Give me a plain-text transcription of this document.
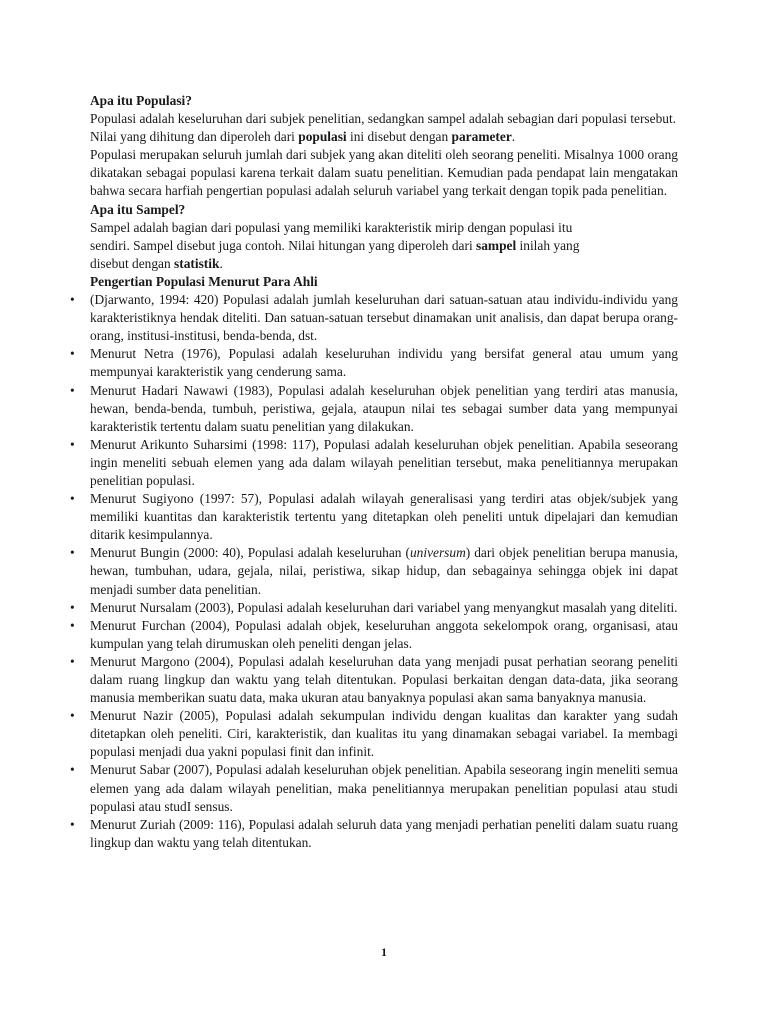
Apa itu Populasi?

Populasi adalah keseluruhan dari subjek penelitian, sedangkan sampel adalah sebagian dari populasi tersebut.

Nilai yang dihitung dan diperoleh dari populasi ini disebut dengan parameter.

Populasi merupakan seluruh jumlah dari subjek yang akan diteliti oleh seorang peneliti. Misalnya 1000 orang dikatakan sebagai populasi karena terkait dalam suatu penelitian. Kemudian pada pendapat lain mengatakan bahwa secara harfiah pengertian populasi adalah seluruh variabel yang terkait dengan topik pada penelitian.

Apa itu Sampel?

Sampel adalah bagian dari populasi yang memiliki karakteristik mirip dengan populasi itu
sendiri. Sampel disebut juga contoh. Nilai hitungan yang diperoleh dari sampel inilah yang
disebut dengan statistik.

Pengertian Populasi Menurut Para Ahli

•	(Djarwanto, 1994: 420) Populasi adalah jumlah keseluruhan dari satuan-satuan atau individu-individu yang karakteristiknya hendak diteliti. Dan satuan-satuan tersebut dinamakan unit analisis, dan dapat berupa orang-orang, institusi-institusi, benda-benda, dst.
•	Menurut Netra (1976), Populasi adalah keseluruhan individu yang bersifat general atau umum yang mempunyai karakteristik yang cenderung sama.
•	Menurut Hadari Nawawi (1983), Populasi adalah keseluruhan objek penelitian yang terdiri atas manusia, hewan, benda-benda, tumbuh, peristiwa, gejala, ataupun nilai tes sebagai sumber data yang mempunyai karakteristik tertentu dalam suatu penelitian yang dilakukan.
•	Menurut Arikunto Suharsimi (1998: 117), Populasi adalah keseluruhan objek penelitian. Apabila seseorang ingin meneliti sebuah elemen yang ada dalam wilayah penelitian tersebut, maka penelitiannya merupakan penelitian populasi.
•	Menurut Sugiyono (1997: 57), Populasi adalah wilayah generalisasi yang terdiri atas objek/subjek yang memiliki kuantitas dan karakteristik tertentu yang ditetapkan oleh peneliti untuk dipelajari dan kemudian ditarik kesimpulannya.
•	Menurut Bungin (2000: 40), Populasi adalah keseluruhan (universum) dari objek penelitian berupa manusia, hewan, tumbuhan, udara, gejala, nilai, peristiwa, sikap hidup, dan sebagainya sehingga objek ini dapat menjadi sumber data penelitian.
•	Menurut Nursalam (2003), Populasi adalah keseluruhan dari variabel yang menyangkut masalah yang diteliti.
•	Menurut Furchan (2004), Populasi adalah objek, keseluruhan anggota sekelompok orang, organisasi, atau kumpulan yang telah dirumuskan oleh peneliti dengan jelas.
•	Menurut Margono (2004), Populasi adalah keseluruhan data yang menjadi pusat perhatian seorang peneliti dalam ruang lingkup dan waktu yang telah ditentukan. Populasi berkaitan dengan data-data, jika seorang manusia memberikan suatu data, maka ukuran atau banyaknya populasi akan sama banyaknya manusia.
•	Menurut Nazir (2005), Populasi adalah sekumpulan individu dengan kualitas dan karakter yang sudah ditetapkan oleh peneliti. Ciri, karakteristik, dan kualitas itu yang dinamakan sebagai variabel. Ia membagi populasi menjadi dua yakni populasi finit dan infinit.
•	Menurut Sabar (2007), Populasi adalah keseluruhan objek penelitian. Apabila seseorang ingin meneliti semua elemen yang ada dalam wilayah penelitian, maka penelitiannya merupakan penelitian populasi atau studi populasi atau studI sensus.
•	Menurut Zuriah (2009: 116), Populasi adalah seluruh data yang menjadi perhatian peneliti dalam suatu ruang lingkup dan waktu yang telah ditentukan.
1
